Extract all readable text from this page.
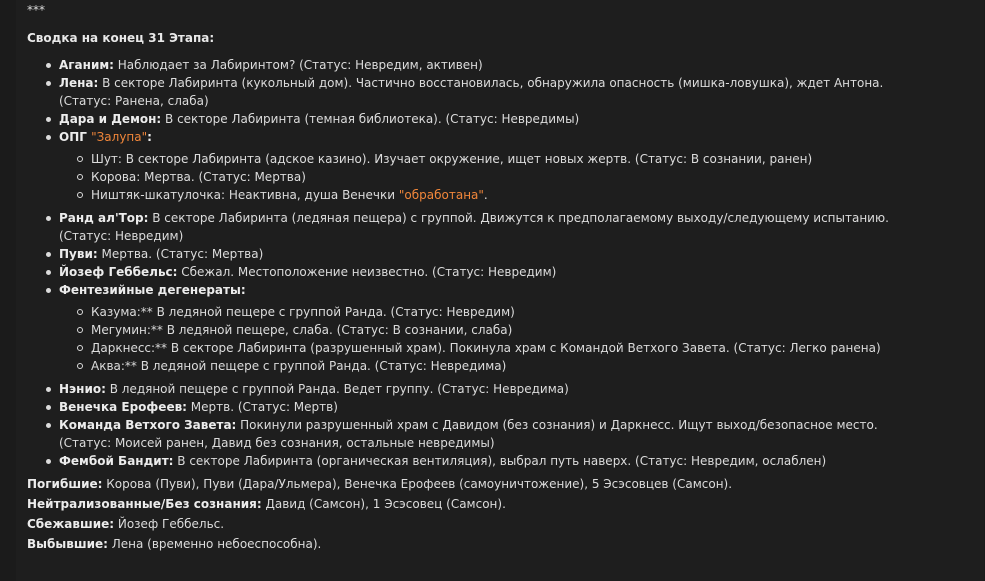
***
Сводка на конец 31 Этапа:
Аганим: Наблюдает за Лабиринтом? (Статус: Невредим, активен)
Лена: В секторе Лабиринта (кукольный дом). Частично восстановилась, обнаружила опасность (мишка-ловушка), ждет Антона. (Статус: Ранена, слаба)
Дара и Демон: В секторе Лабиринта (темная библиотека). (Статус: Невредимы)
ОПГ "Залупа":
Шут: В секторе Лабиринта (адское казино). Изучает окружение, ищет новых жертв. (Статус: В сознании, ранен)
Корова: Мертва. (Статус: Мертва)
Ништяк-шкатулочка: Неактивна, душа Венечки "обработана".
Ранд ал'Тор: В секторе Лабиринта (ледяная пещера) с группой. Движутся к предполагаемому выходу/следующему испытанию. (Статус: Невредим)
Пуви: Мертва. (Статус: Мертва)
Йозеф Геббельс: Сбежал. Местоположение неизвестно. (Статус: Невредим)
Фентезийные дегенераты:
Казума:** В ледяной пещере с группой Ранда. (Статус: Невредим)
Мегумин:** В ледяной пещере, слаба. (Статус: В сознании, слаба)
Даркнесс:** В секторе Лабиринта (разрушенный храм). Покинула храм с Командой Ветхого Завета. (Статус: Легко ранена)
Аква:** В ледяной пещере с группой Ранда. (Статус: Невредима)
Нэнио: В ледяной пещере с группой Ранда. Ведет группу. (Статус: Невредима)
Венечка Ерофеев: Мертв. (Статус: Мертв)
Команда Ветхого Завета: Покинули разрушенный храм с Давидом (без сознания) и Даркнесс. Ищут выход/безопасное место. (Статус: Моисей ранен, Давид без сознания, остальные невредимы)
Фембой Бандит: В секторе Лабиринта (органическая вентиляция), выбрал путь наверх. (Статус: Невредим, ослаблен)
Погибшие: Корова (Пуви), Пуви (Дара/Ульмера), Венечка Ерофеев (самоуничтожение), 5 Эсэсовцев (Самсон).
Нейтрализованные/Без сознания: Давид (Самсон), 1 Эсэсовец (Самсон).
Сбежавшие: Йозеф Геббельс.
Выбывшие: Лена (временно небоеспособна).
